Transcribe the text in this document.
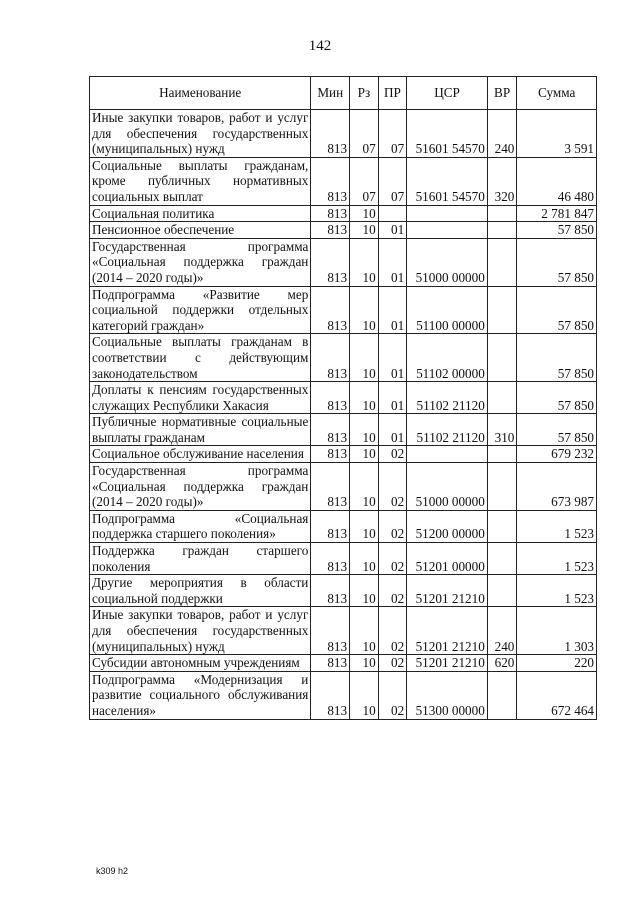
142
Наименование	Мин	Рз	ПР	ЦСР	ВР	Сумма
Иные закупки товаров, работ и услуг для обеспечения государственных (муниципальных) нужд	813	07	07	51601 54570	240	3 591
Социальные выплаты гражданам, кроме публичных нормативных социальных выплат	813	07	07	51601 54570	320	46 480
Социальная политика	813	10				2 781 847
Пенсионное обеспечение	813	10	01			57 850
Государственная программа «Социальная поддержка граждан (2014 – 2020 годы)»	813	10	01	51000 00000		57 850
Подпрограмма «Развитие мер социальной поддержки отдельных категорий граждан»	813	10	01	51100 00000		57 850
Социальные выплаты гражданам в соответствии с действующим законодательством	813	10	01	51102 00000		57 850
Доплаты к пенсиям государственных служащих Республики Хакасия	813	10	01	51102 21120		57 850
Публичные нормативные социальные выплаты гражданам	813	10	01	51102 21120	310	57 850
Социальное обслуживание населения	813	10	02			679 232
Государственная программа «Социальная поддержка граждан (2014 – 2020 годы)»	813	10	02	51000 00000		673 987
Подпрограмма «Социальная поддержка старшего поколения»	813	10	02	51200 00000		1 523
Поддержка граждан старшего поколения	813	10	02	51201 00000		1 523
Другие мероприятия в области социальной поддержки	813	10	02	51201 21210		1 523
Иные закупки товаров, работ и услуг для обеспечения государственных (муниципальных) нужд	813	10	02	51201 21210	240	1 303
Субсидии автономным учреждениям	813	10	02	51201 21210	620	220
Подпрограмма «Модернизация и развитие социального обслуживания населения»	813	10	02	51300 00000		672 464
k309 h2
